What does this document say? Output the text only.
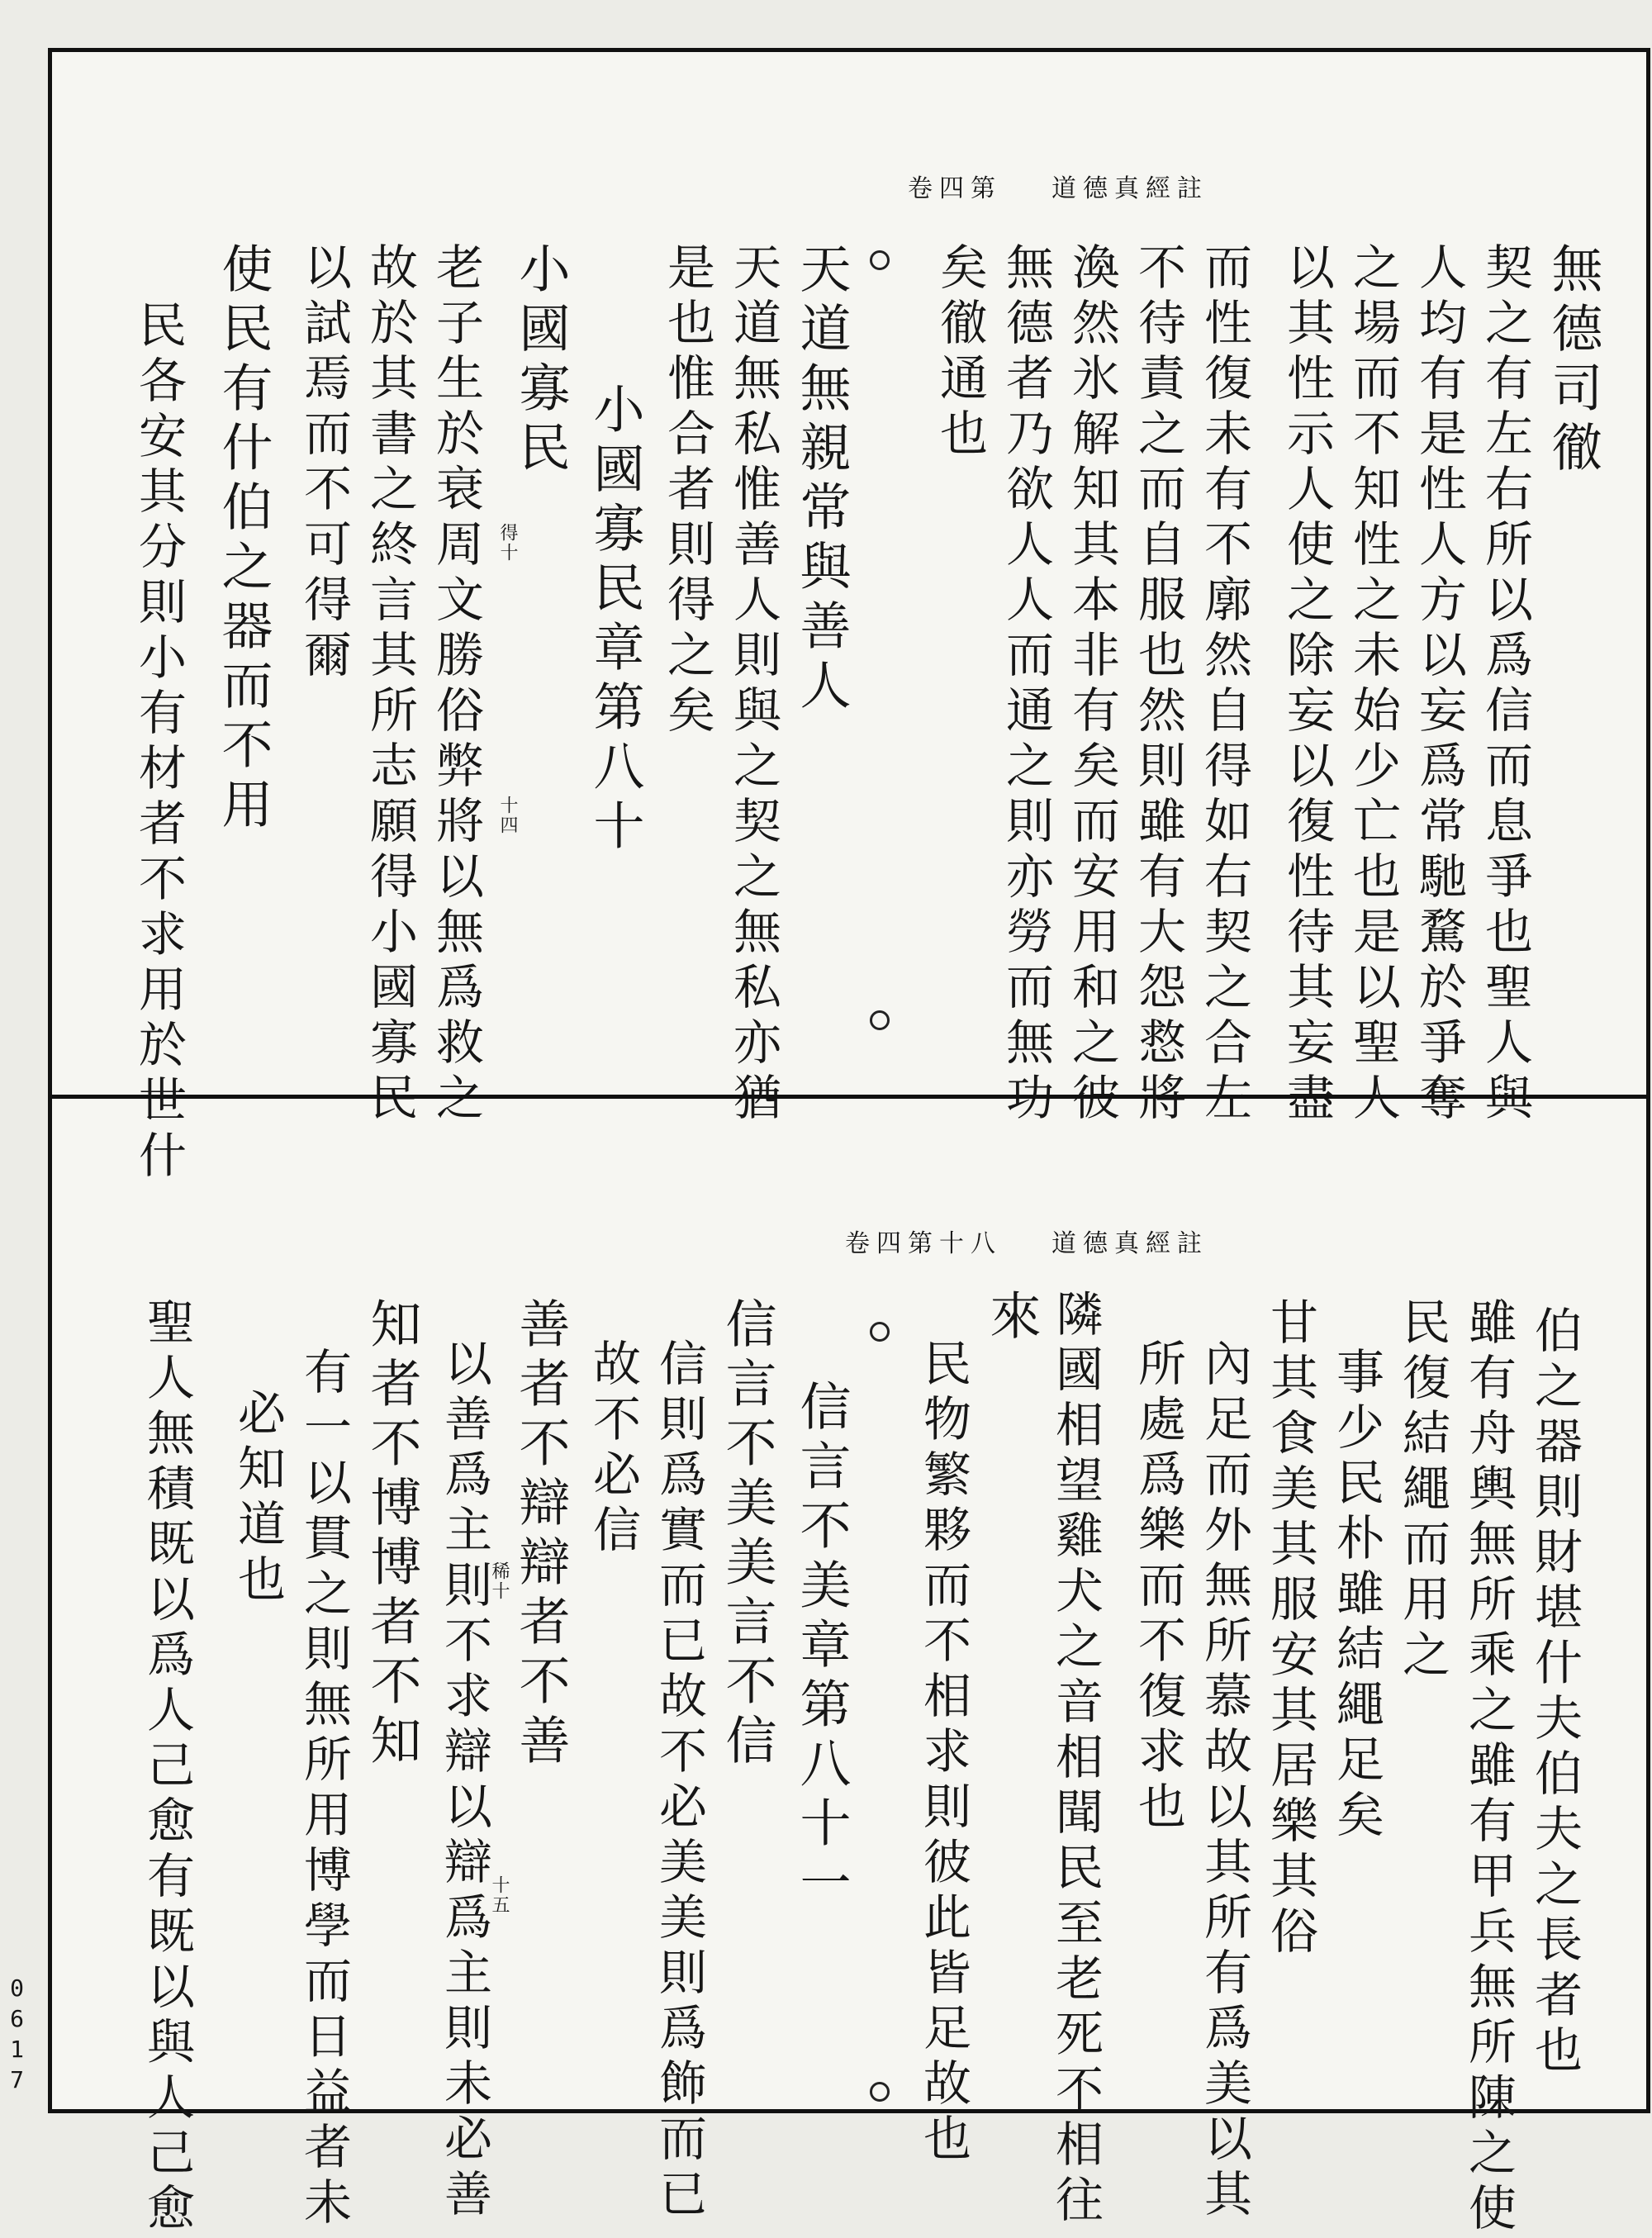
卷四第 道德真經註
無德司徹
契之有左右所以爲信而息爭也聖人與
人均有是性人方以妄爲常馳騖於爭奪
之場而不知性之未始少亡也是以聖人
以其性示人使之除妄以復性待其妄盡
而性復未有不廓然自得如右契之合左
不待責之而自服也然則雖有大怨慦將
渙然氷解知其本非有矣而安用和之彼
無德者乃欲人人而通之則亦勞而無功
矣徹通也
天道無親常與善人
天道無私惟善人則與之契之無私亦猶
是也惟合者則得之矣
小國寡民章第八十
小國寡民
老子生於衰周文勝俗弊將以無爲救之
故於其書之終言其所志願得小國寡民
以試焉而不可得爾
使民有什伯之器而不用
民各安其分則小有材者不求用於世什	十四
得十
卷四第十八 道德真經註
伯之器則財堪什夫伯夫之長者也
雖有舟輿無所乘之雖有甲兵無所陳之使
民復結繩而用之
事少民朴雖結繩足矣
甘其食美其服安其居樂其俗
內足而外無所慕故以其所有爲美以其
所處爲樂而不復求也
隣國相望雞犬之音相聞民至老死不相往
來
民物繁夥而不相求則彼此皆足故也
信言不美章第八十一
信言不美美言不信
信則爲實而已故不必美美則爲飾而已
故不必信
善者不辯辯者不善
以善爲主則不求辯以辯爲主則未必善
知者不博博者不知
有一以貫之則無所用博學而日益者未
必知道也
聖人無積既以爲人己愈有既以與人己愈	十五
稀十
0617
